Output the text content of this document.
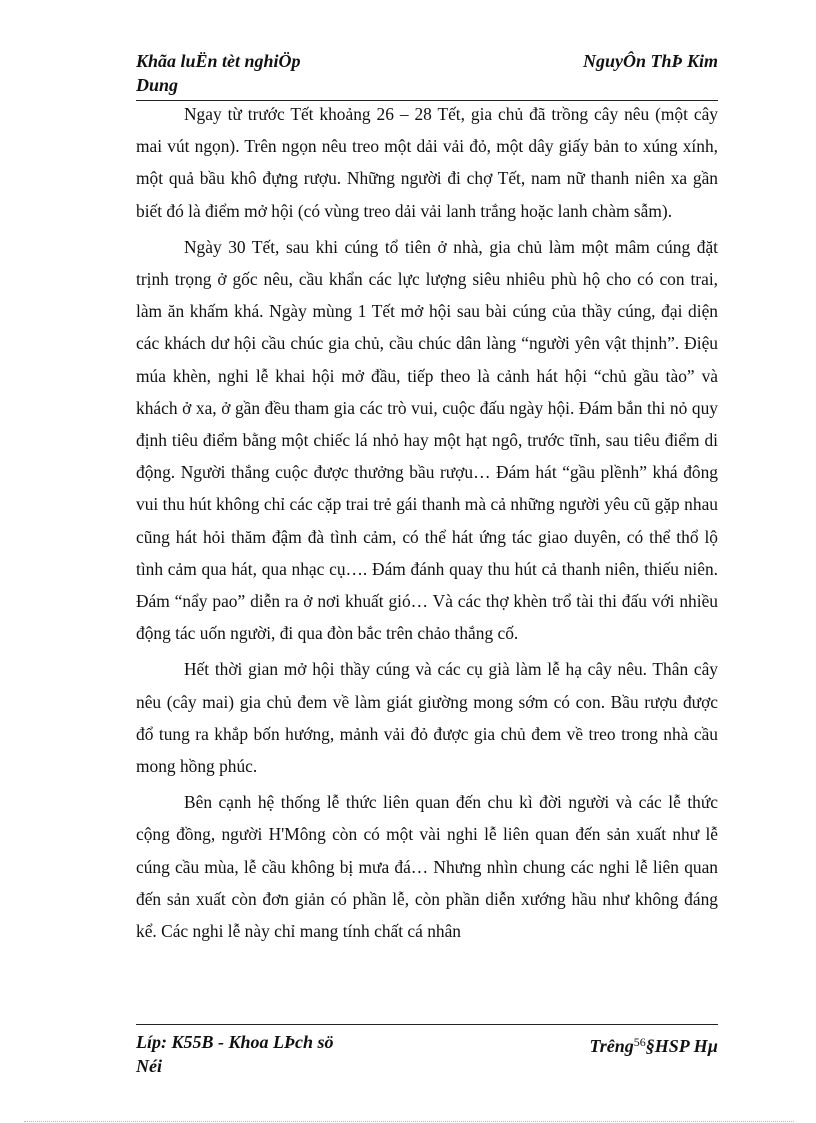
Khãa luËn tèt nghiÖp
Dung
NguyÔn ThÞ Kim

Ngay từ trước Tết khoảng 26 – 28 Tết, gia chủ đã trồng cây nêu (một cây mai vút ngọn). Trên ngọn nêu treo một dải vải đỏ, một dây giấy bản to xúng xính, một quả bầu khô đựng rượu. Những người đi chợ Tết, nam nữ thanh niên xa gần biết đó là điểm mở hội (có vùng treo dải vải lanh trắng hoặc lanh chàm sẫm).

Ngày 30 Tết, sau khi cúng tổ tiên ở nhà, gia chủ làm một mâm cúng đặt trịnh trọng ở gốc nêu, cầu khẩn các lực lượng siêu nhiêu phù hộ cho có con trai, làm ăn khấm khá. Ngày mùng 1 Tết mở hội sau bài cúng của thầy cúng, đại diện các khách dư hội cầu chúc gia chủ, cầu chúc dân làng “người yên vật thịnh”. Điệu múa khèn, nghi lễ khai hội mở đầu, tiếp theo là cảnh hát hội “chủ gầu tào” và khách ở xa, ở gần đều tham gia các trò vui, cuộc đấu ngày hội. Đám bắn thi nỏ quy định tiêu điểm bằng một chiếc lá nhỏ hay một hạt ngô, trước tĩnh, sau tiêu điểm di động. Người thắng cuộc được thưởng bầu rượu… Đám hát “gầu plềnh” khá đông vui thu hút không chỉ các cặp trai trẻ gái thanh mà cả những người yêu cũ gặp nhau cũng hát hỏi thăm đậm đà tình cảm, có thể hát ứng tác giao duyên, có thể thổ lộ tình cảm qua hát, qua nhạc cụ…. Đám đánh quay thu hút cả thanh niên, thiếu niên. Đám “nẩy pao” diễn ra ở nơi khuất gió… Và các thợ khèn trổ tài thi đấu với nhiều động tác uốn người, đi qua đòn bắc trên chảo thắng cố.

Hết thời gian mở hội thầy cúng và các cụ già làm lễ hạ cây nêu. Thân cây nêu (cây mai) gia chủ đem về làm giát giường mong sớm có con. Bầu rượu được đổ tung ra khắp bốn hướng, mảnh vải đỏ được gia chủ đem về treo trong nhà cầu mong hồng phúc.

Bên cạnh hệ thống lễ thức liên quan đến chu kì đời người và các lễ thức cộng đồng, người H'Mông còn có một vài nghi lễ liên quan đến sản xuất như lễ cúng cầu mùa, lễ cầu không bị mưa đá… Nhưng nhìn chung các nghi lễ liên quan đến sản xuất còn đơn giản có phần lễ, còn phần diễn xướng hầu như không đáng kể. Các nghi lễ này chỉ mang tính chất cá nhân

Líp: K55B - Khoa LÞch sö
Néi
Trêng$^{56}$§HSP Hµ
